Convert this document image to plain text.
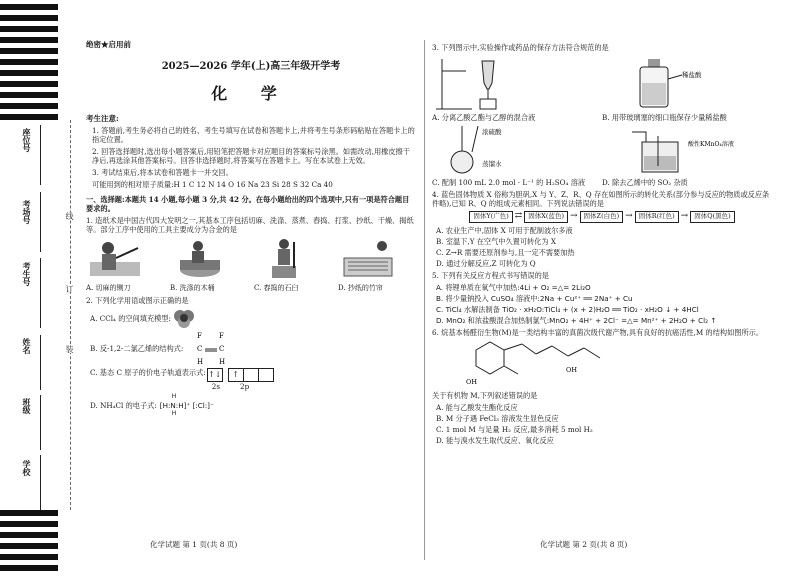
座位号
考场号
考生号
姓名
班级
学校
线
订
装
绝密★启用前
2025—2026 学年(上)高三年级开学考
化 学
考生注意:

1. 答题前,考生务必将自己的姓名、考生号填写在试卷和答题卡上,并将考生号条形码粘贴在答题卡上的指定位置。

2. 回答选择题时,选出每小题答案后,用铅笔把答题卡对应题目的答案标号涂黑。如需改动,用橡皮擦干净后,再选涂其他答案标号。回答非选择题时,将答案写在答题卡上。写在本试卷上无效。

3. 考试结束后,将本试卷和答题卡一并交回。

可能用到的相对原子质量:H 1 C 12 N 14 O 16 Na 23 Si 28 S 32 Ca 40

一、选择题:本题共 14 小题,每小题 3 分,共 42 分。在每小题给出的四个选项中,只有一项是符合题目要求的。

1. 造纸术是中国古代四大发明之一,其基本工序包括切麻、洗涤、蒸煮、舂捣、打浆、抄纸、干燥、揭纸等。部分工序中使用的工具主要成分为合金的是

A. 切麻的铡刀	B. 洗涤的木桶	C. 舂捣的石臼	D. 抄纸的竹帘

2. 下列化学用语或图示正确的是

A. CCl₄ 的空间填充模型:
B. 反-1,2-二氯乙烯的结构式:
F
C C
F
H H
C. 基态 C 原子的价电子轨道表示式: ↑↓	↑
2s	2p
D. NH₄Cl 的电子式:
H
[H:N:H]⁺ [:Cl:]⁻
H
化学试题 第 1 页(共 8 页)

3. 下列图示中,实验操作或药品的保存方法符合规范的是

A. 分离乙酸乙酯与乙醇的混合液
稀盐酸
B. 用带玻璃塞的细口瓶保存少量稀盐酸
浓硫酸
蒸馏水
C. 配制 100 mL 2.0 mol · L⁻¹ 的 H₂SO₄ 溶液
酸性KMnO₄溶液
D. 除去乙烯中的 SO₂ 杂质

4. 蓝色固体物质 X 俗称为胆矾,X 与 Y、Z、R、Q 存在如图所示的转化关系(部分参与反应的物质或反应条件略),已知 R、Q 的组成元素相同。下列说法错误的是

固体Y(广色) ⇄ 固体X(蓝色) → 固体Z(白色) → 固体R(红色) → 固体Q(黑色)
A. 农业生产中,固体 X 可用于配制波尔多液
B. 室温下,Y 在空气中久置可转化为 X
C. Z→R 需要还原剂参与,且一定不需要加热
D. 通过分解反应,Z 可转化为 Q

5. 下列有关反应方程式书写错误的是

A. 将锂单质在氧气中加热:4Li + O₂ =△= 2Li₂O
B. 将少量钠投入 CuSO₄ 溶液中:2Na + Cu²⁺ ══ 2Na⁺ + Cu
C. TiCl₄ 水解法制备 TiO₂ · xH₂O:TiCl₄ + (x + 2)H₂O ══ TiO₂ · xH₂O ↓ + 4HCl
D. MnO₂ 和浓盐酸混合加热制氯气:MnO₂ + 4H⁺ + 2Cl⁻ =△= Mn²⁺ + 2H₂O + Cl₂ ↑

6. 烷基本杨醛衍生物(M)是一类结构丰富的真菌次级代谢产物,具有良好的抗癌活性,M 的结构如图所示。

OH
OH

关于有机物 M,下列叙述错误的是

A. 能与乙酸发生酯化反应
B. M 分子遇 FeCl₃ 溶液发生显色反应
C. 1 mol M 与足量 H₂ 反应,最多消耗 5 mol H₂
D. 能与溴水发生取代反应、氧化反应
化学试题 第 2 页(共 8 页)
